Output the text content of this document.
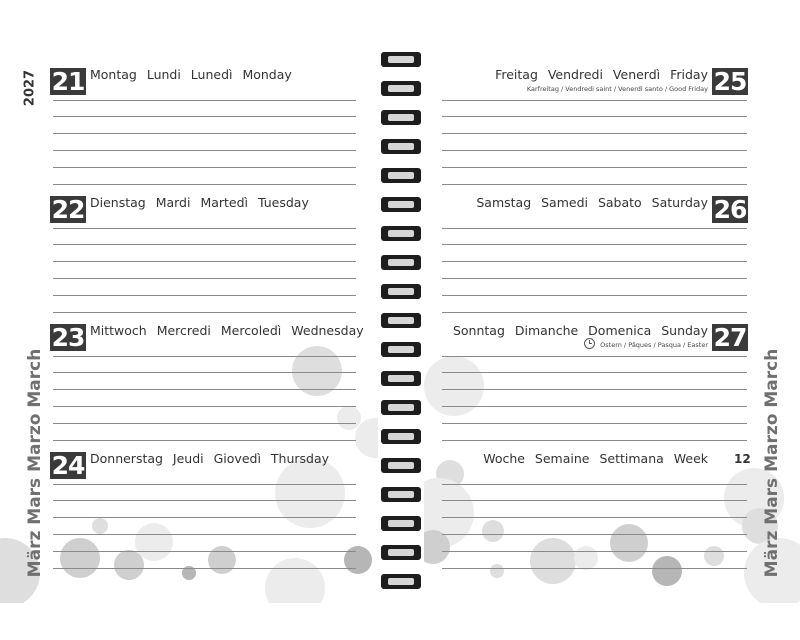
21 Montag Lundi Lunedì Monday
22 Dienstag Mardi Martedì Tuesday
23 Mittwoch Mercredi Mercoledì Wednesday
24 Donnerstag Jeudi Giovedì Thursday
2027
März Mars Marzo March
Freitag Vendredi Venerdì Friday
Karfreitag / Vendredi saint / Venerdì santo / Good Friday 25
Samstag Samedi Sabato Saturday 26
Sonntag Dimanche Domenica Sunday
Ostern / Pâques / Pasqua / Easter 27
Woche Semaine Settimana Week 12 März Mars Marzo March
